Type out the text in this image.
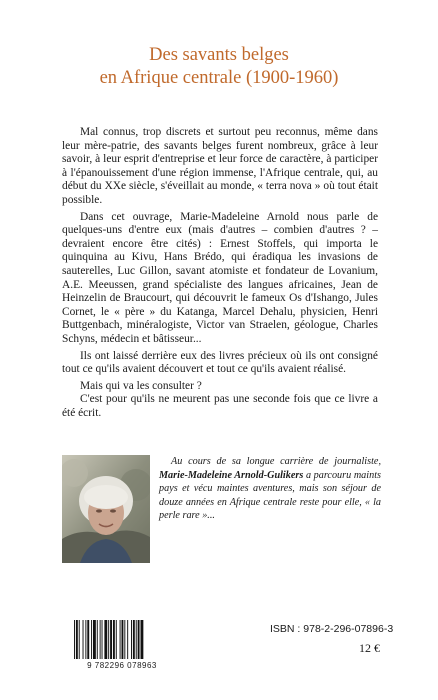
Des savants belges
en Afrique centrale (1900-1960)

Mal connus, trop discrets et surtout peu reconnus, même dans leur mère-patrie, des savants belges furent nombreux, grâce à leur savoir, à leur esprit d'entreprise et leur force de caractère, à participer à l'épanouissement d'une région immense, l'Afrique centrale, qui, au début du XXe siècle, s'éveillait au monde, « terra nova » où tout était possible.

Dans cet ouvrage, Marie-Madeleine Arnold nous parle de quelques-uns d'entre eux (mais d'autres – combien d'autres ? – devraient encore être cités) : Ernest Stoffels, qui importa le quinquina au Kivu, Hans Brédo, qui éradiqua les invasions de sauterelles, Luc Gillon, savant atomiste et fondateur de Lovanium, A.E. Meeussen, grand spécialiste des langues africaines, Jean de Heinzelin de Braucourt, qui découvrit le fameux Os d'Ishango, Jules Cornet, le « père » du Katanga, Marcel Dehalu, physicien, Henri Buttgenbach, minéralogiste, Victor van Straelen, géologue, Charles Schyns, médecin et bâtisseur...

Ils ont laissé derrière eux des livres précieux où ils ont consigné tout ce qu'ils avaient découvert et tout ce qu'ils avaient réalisé.

Mais qui va les consulter ?

C'est pour qu'ils ne meurent pas une seconde fois que ce livre a été écrit.

Au cours de sa longue carrière de journaliste, Marie-Madeleine Arnold-Gulikers a parcouru maints pays et vécu maintes aventures, mais son séjour de douze années en Afrique centrale reste pour elle, « la perle rare »...
9 782296 078963
ISBN : 978-2-296-07896-3
12 €
